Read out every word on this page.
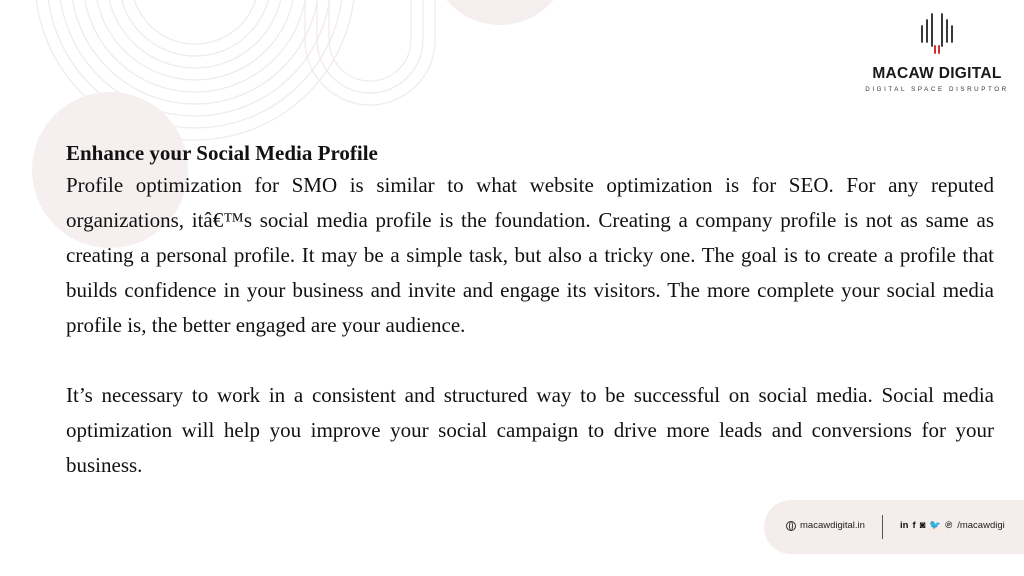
MACAW DIGITAL
DIGITAL SPACE DISRUPTOR
Enhance your Social Media Profile

Profile optimization for SMO is similar to what website optimization is for SEO. For any reputed organizations, itâ€™s social media profile is the foundation. Creating a company profile is not as same as creating a personal profile. It may be a simple task, but also a tricky one. The goal is to create a profile that builds confidence in your business and invite and engage its visitors. The more complete your social media profile is, the better engaged are your audience.

It’s necessary to work in a consistent and structured way to be successful on social media. Social media optimization will help you improve your social campaign to drive more leads and conversions for your business.

macawdigital.in	in f ◙ 🐦 ℗ /macawdigi
